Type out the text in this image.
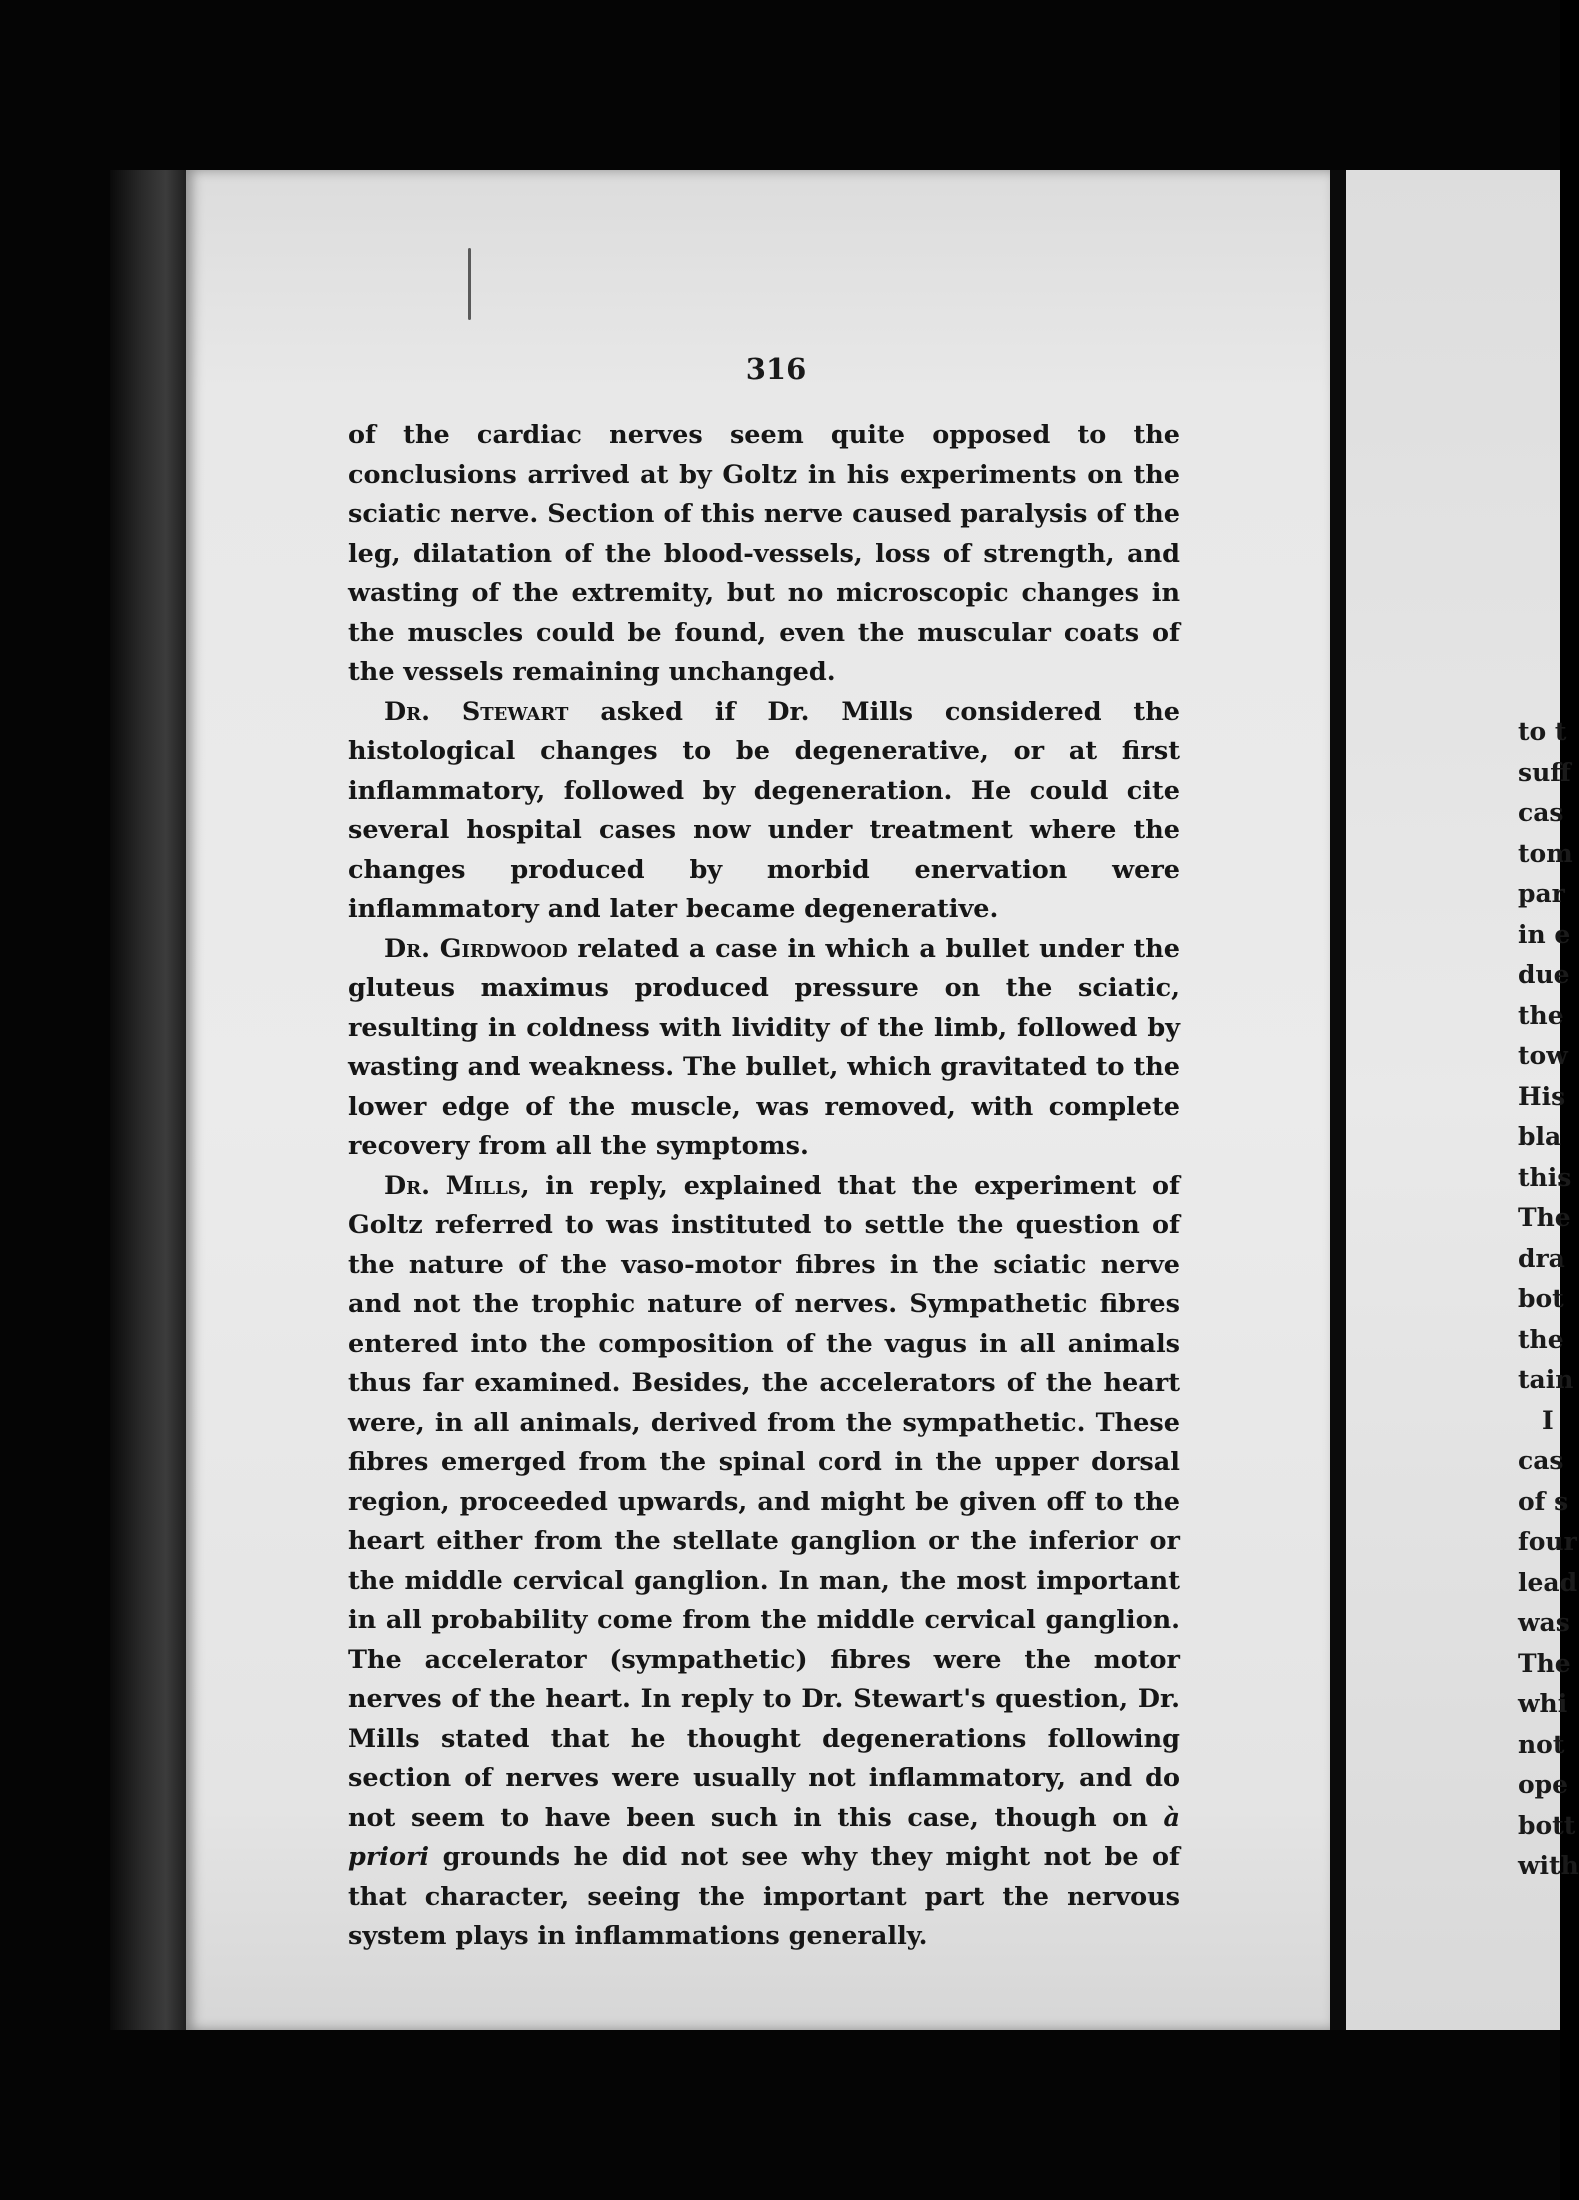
316

of the cardiac nerves seem quite opposed to the conclusions arrived at by Goltz in his experiments on the sciatic nerve. Section of this nerve caused paralysis of the leg, dilatation of the blood-vessels, loss of strength, and wasting of the extremity, but no microscopic changes in the muscles could be found, even the muscular coats of the vessels remaining unchanged.

Dr. Stewart asked if Dr. Mills considered the histological changes to be degenerative, or at first inflammatory, followed by degeneration. He could cite several hospital cases now under treatment where the changes produced by morbid enervation were inflammatory and later became degenerative.

Dr. Girdwood related a case in which a bullet under the gluteus maximus produced pressure on the sciatic, resulting in coldness with lividity of the limb, followed by wasting and weakness. The bullet, which gravitated to the lower edge of the muscle, was removed, with complete recovery from all the symptoms.

Dr. Mills, in reply, explained that the experiment of Goltz referred to was instituted to settle the question of the nature of the vaso-motor fibres in the sciatic nerve and not the trophic nature of nerves. Sympathetic fibres entered into the composition of the vagus in all animals thus far examined. Besides, the accelerators of the heart were, in all animals, derived from the sympathetic. These fibres emerged from the spinal cord in the upper dorsal region, proceeded upwards, and might be given off to the heart either from the stellate ganglion or the inferior or the middle cervical ganglion. In man, the most important in all probability come from the middle cervical ganglion. The accelerator (sympathetic) fibres were the motor nerves of the heart. In reply to Dr. Stewart's question, Dr. Mills stated that he thought degenerations following section of nerves were usually not inflammatory, and do not seem to have been such in this case, though on à priori grounds he did not see why they might not be of that character, seeing the important part the nervous system plays in inflammations generally.

to t
suff
cas
tom
par
in e
due
the
tow
His
bla
this
The
dra
bot
the
tain
I
cas
of s
four
lead
was
The
whi
not
ope
bott
with
